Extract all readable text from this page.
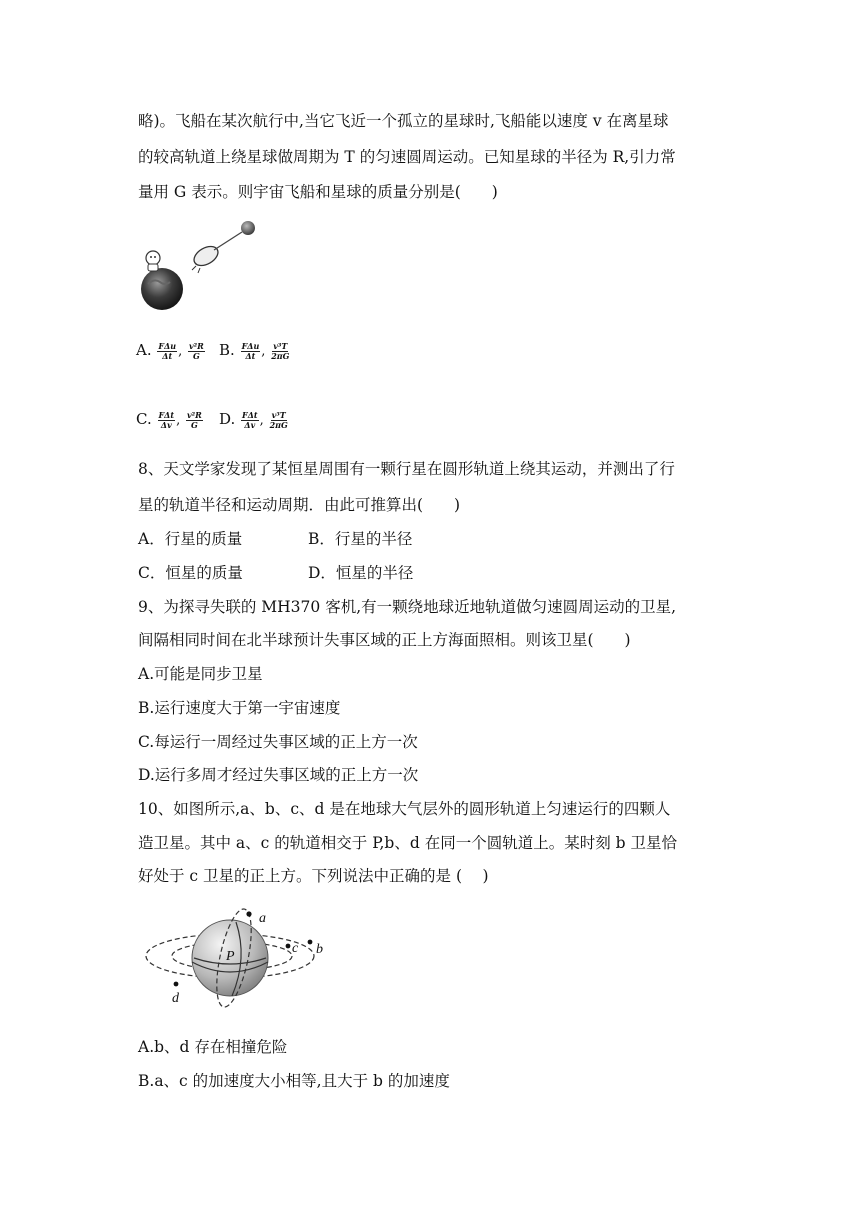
略)。飞船在某次航行中,当它飞近一个孤立的星球时,飞船能以速度 v 在离星球
的较高轨道上绕星球做周期为 T 的匀速圆周运动。已知星球的半径为 R,引力常
量用 G 表示。则宇宙飞船和星球的质量分别是(　　)
A. $\frac{\text{FΔu}}{\Delta t}$ , $\frac{\text{v²R}}{G} B$. $\frac{\text{FΔu}}{\Delta t}$ , $\frac{\text{v³T}}{2\pi G}$
C. $\frac{\text{FΔt}}{\Delta v}$ , $\frac{\text{v²R}}{G} D$. $\frac{\text{FΔt}}{\Delta v}$ , $\frac{\text{v³T}}{2\pi G}$
8、天文学家发现了某恒星周围有一颗行星在圆形轨道上绕其运动，并测出了行
星的轨道半径和运动周期．由此可推算出(　　)
A．行星的质量	B．行星的半径
C．恒星的质量	D．恒星的半径
9、为探寻失联的 MH370 客机,有一颗绕地球近地轨道做匀速圆周运动的卫星,
间隔相同时间在北半球预计失事区域的正上方海面照相。则该卫星(　　)
A.可能是同步卫星
B.运行速度大于第一宇宙速度
C.每运行一周经过失事区域的正上方一次
D.运行多周才经过失事区域的正上方一次
10、如图所示,a、b、c、d 是在地球大气层外的圆形轨道上匀速运行的四颗人
造卫星。其中 a、c 的轨道相交于 P,b、d 在同一个圆轨道上。某时刻 b 卫星恰
好处于 c 卫星的正上方。下列说法中正确的是 (　 )
a
c b
d
P
A.b、d 存在相撞危险
B.a、c 的加速度大小相等,且大于 b 的加速度
